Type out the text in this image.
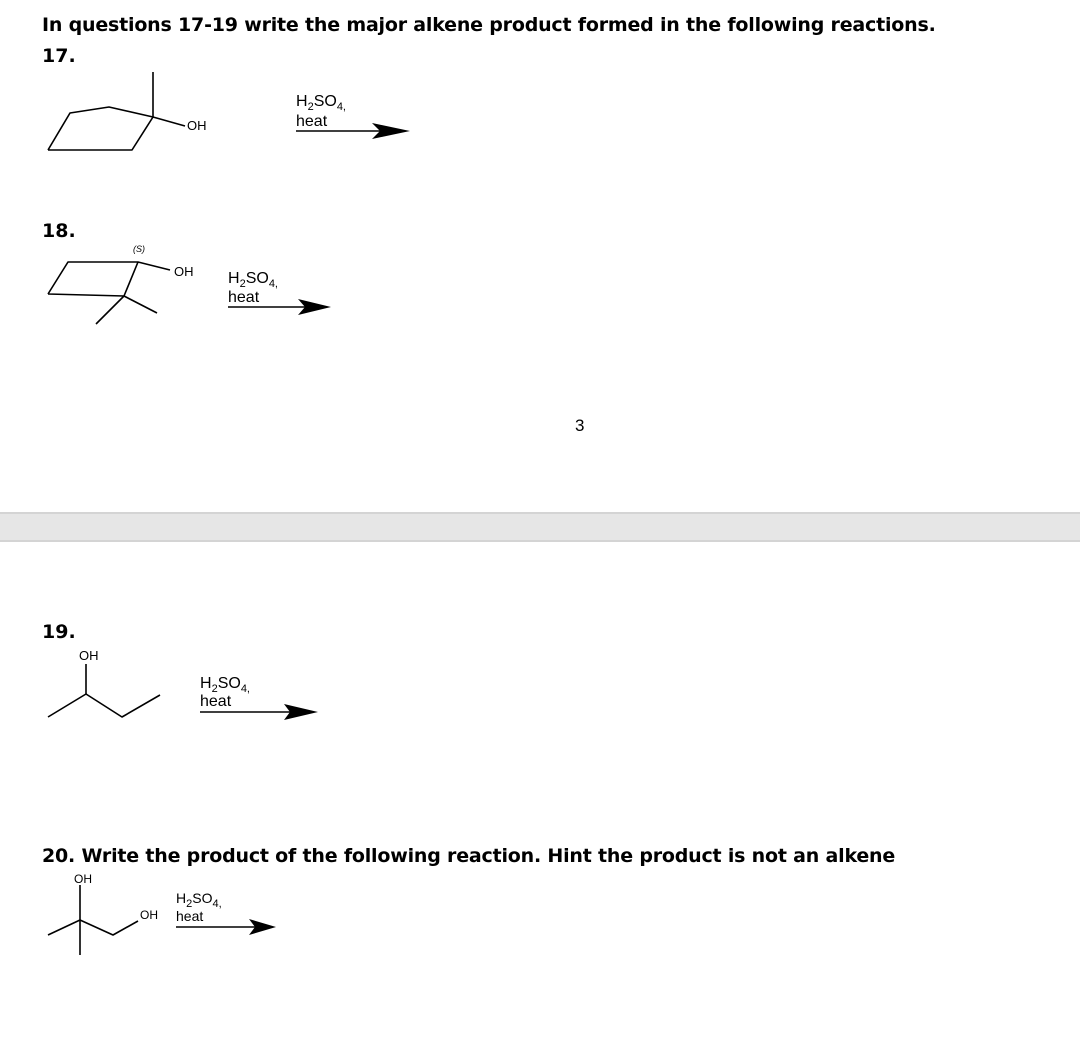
In questions 17-19 write the major alkene product formed in the following reactions.
17.
OH
$H_2SO_{4,}$
heat
18.
(S)
OH $H_2SO_{4,}$
heat
3
19.
OH
$H_2SO_{4,}$
heat
20. Write the product of the following reaction. Hint the product is not an alkene
OH
OH
$H_2SO_{4,}$
heat
